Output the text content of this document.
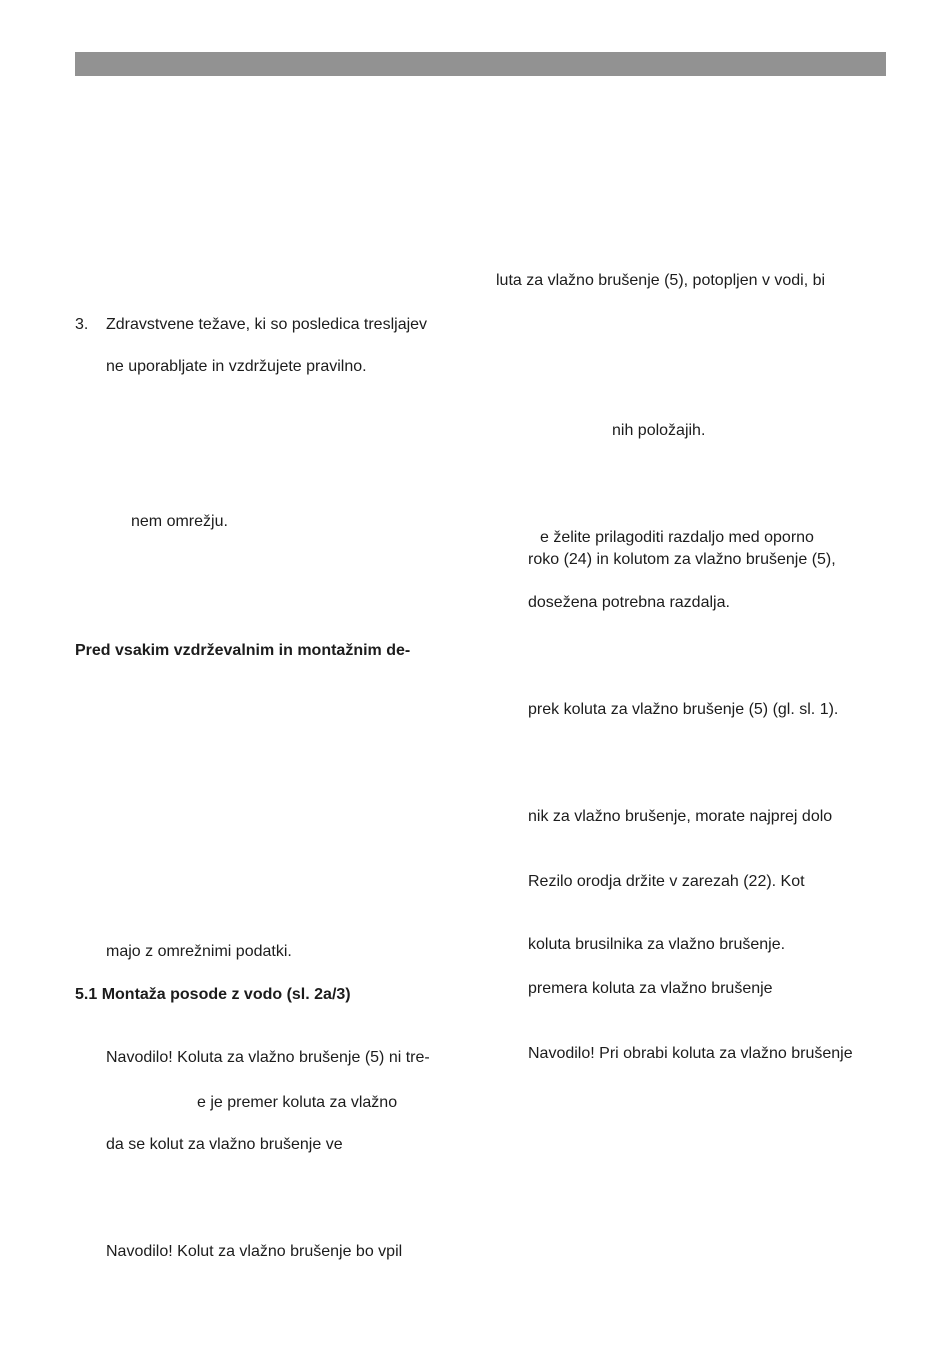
3. Zdravstvene težave, ki so posledica tresljajev
ne uporabljate in vzdržujete pravilno.
nem omrežju.
Pred vsakim vzdrževalnim in montažnim de-
majo z omrežnimi podatki.
5.1 Montaža posode z vodo (sl. 2a/3)
Navodilo! Koluta za vlažno brušenje (5) ni tre-
e je premer koluta za vlažno
da se kolut za vlažno brušenje ve
Navodilo! Kolut za vlažno brušenje bo vpil
luta za vlažno brušenje (5), potopljen v vodi, bi
nih položajih.
e želite prilagoditi razdaljo med oporno
roko (24) in kolutom za vlažno brušenje (5),
dosežena potrebna razdalja.
prek koluta za vlažno brušenje (5) (gl. sl. 1).
nik za vlažno brušenje, morate najprej dolo
Rezilo orodja držite v zarezah (22). Kot
koluta brusilnika za vlažno brušenje.
premera koluta za vlažno brušenje
Navodilo! Pri obrabi koluta za vlažno brušenje
